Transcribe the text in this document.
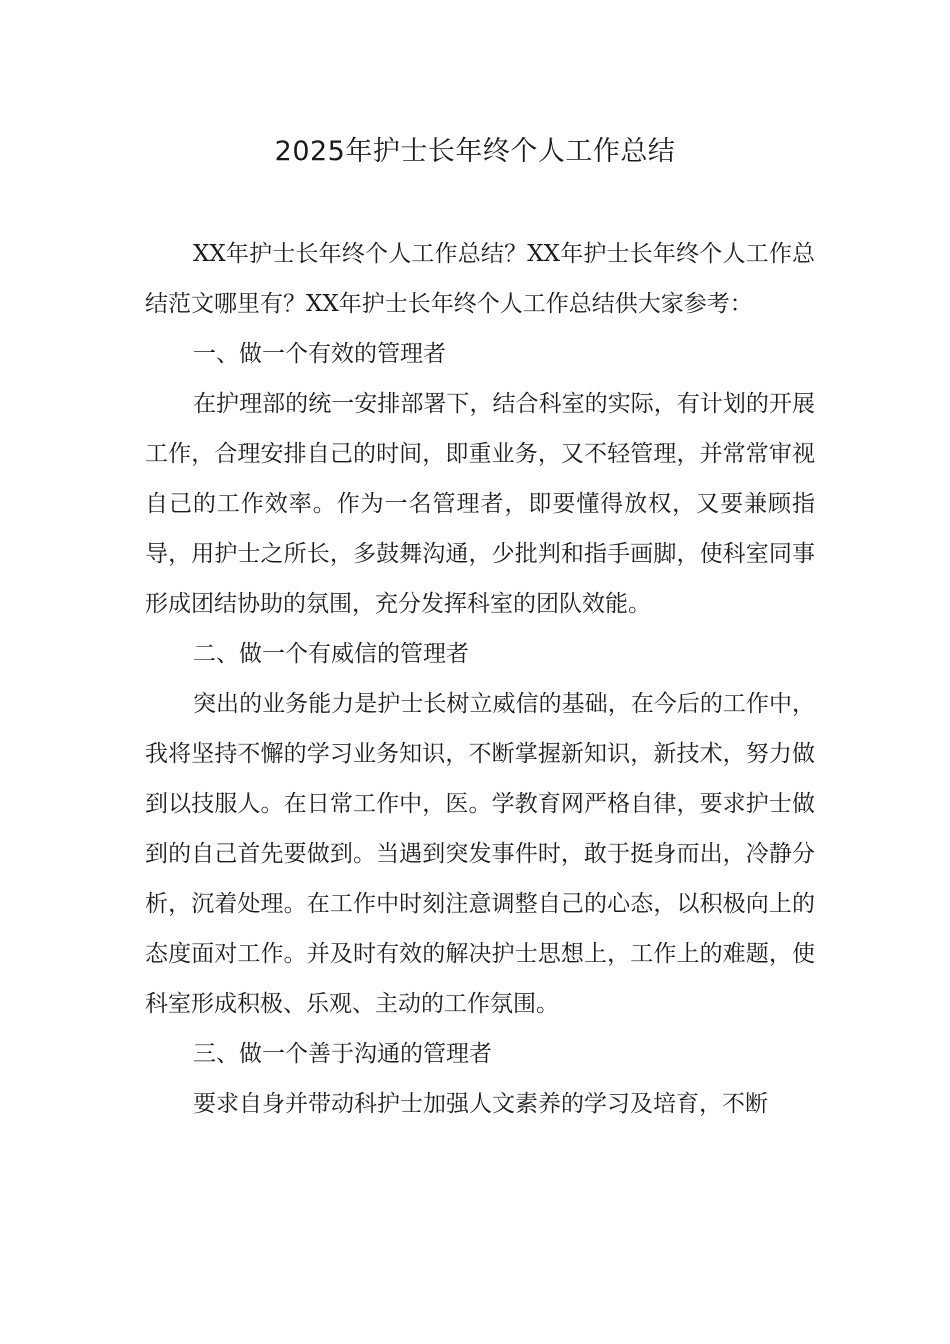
2025年护士长年终个人工作总结

XX年护士长年终个人工作总结？XX年护士长年终个人工作总结范文哪里有？XX年护士长年终个人工作总结供大家参考：

一、做一个有效的管理者

在护理部的统一安排部署下，结合科室的实际，有计划的开展工作，合理安排自己的时间，即重业务，又不轻管理，并常常审视自己的工作效率。作为一名管理者，即要懂得放权，又要兼顾指导，用护士之所长，多鼓舞沟通，少批判和指手画脚，使科室同事形成团结协助的氛围，充分发挥科室的团队效能。

二、做一个有威信的管理者

突出的业务能力是护士长树立威信的基础，在今后的工作中，我将坚持不懈的学习业务知识，不断掌握新知识，新技术，努力做到以技服人。在日常工作中，医。学教育网严格自律，要求护士做到的自己首先要做到。当遇到突发事件时，敢于挺身而出，冷静分析，沉着处理。在工作中时刻注意调整自己的心态，以积极向上的态度面对工作。并及时有效的解决护士思想上，工作上的难题，使科室形成积极、乐观、主动的工作氛围。

三、做一个善于沟通的管理者

要求自身并带动科护士加强人文素养的学习及培育，不断
